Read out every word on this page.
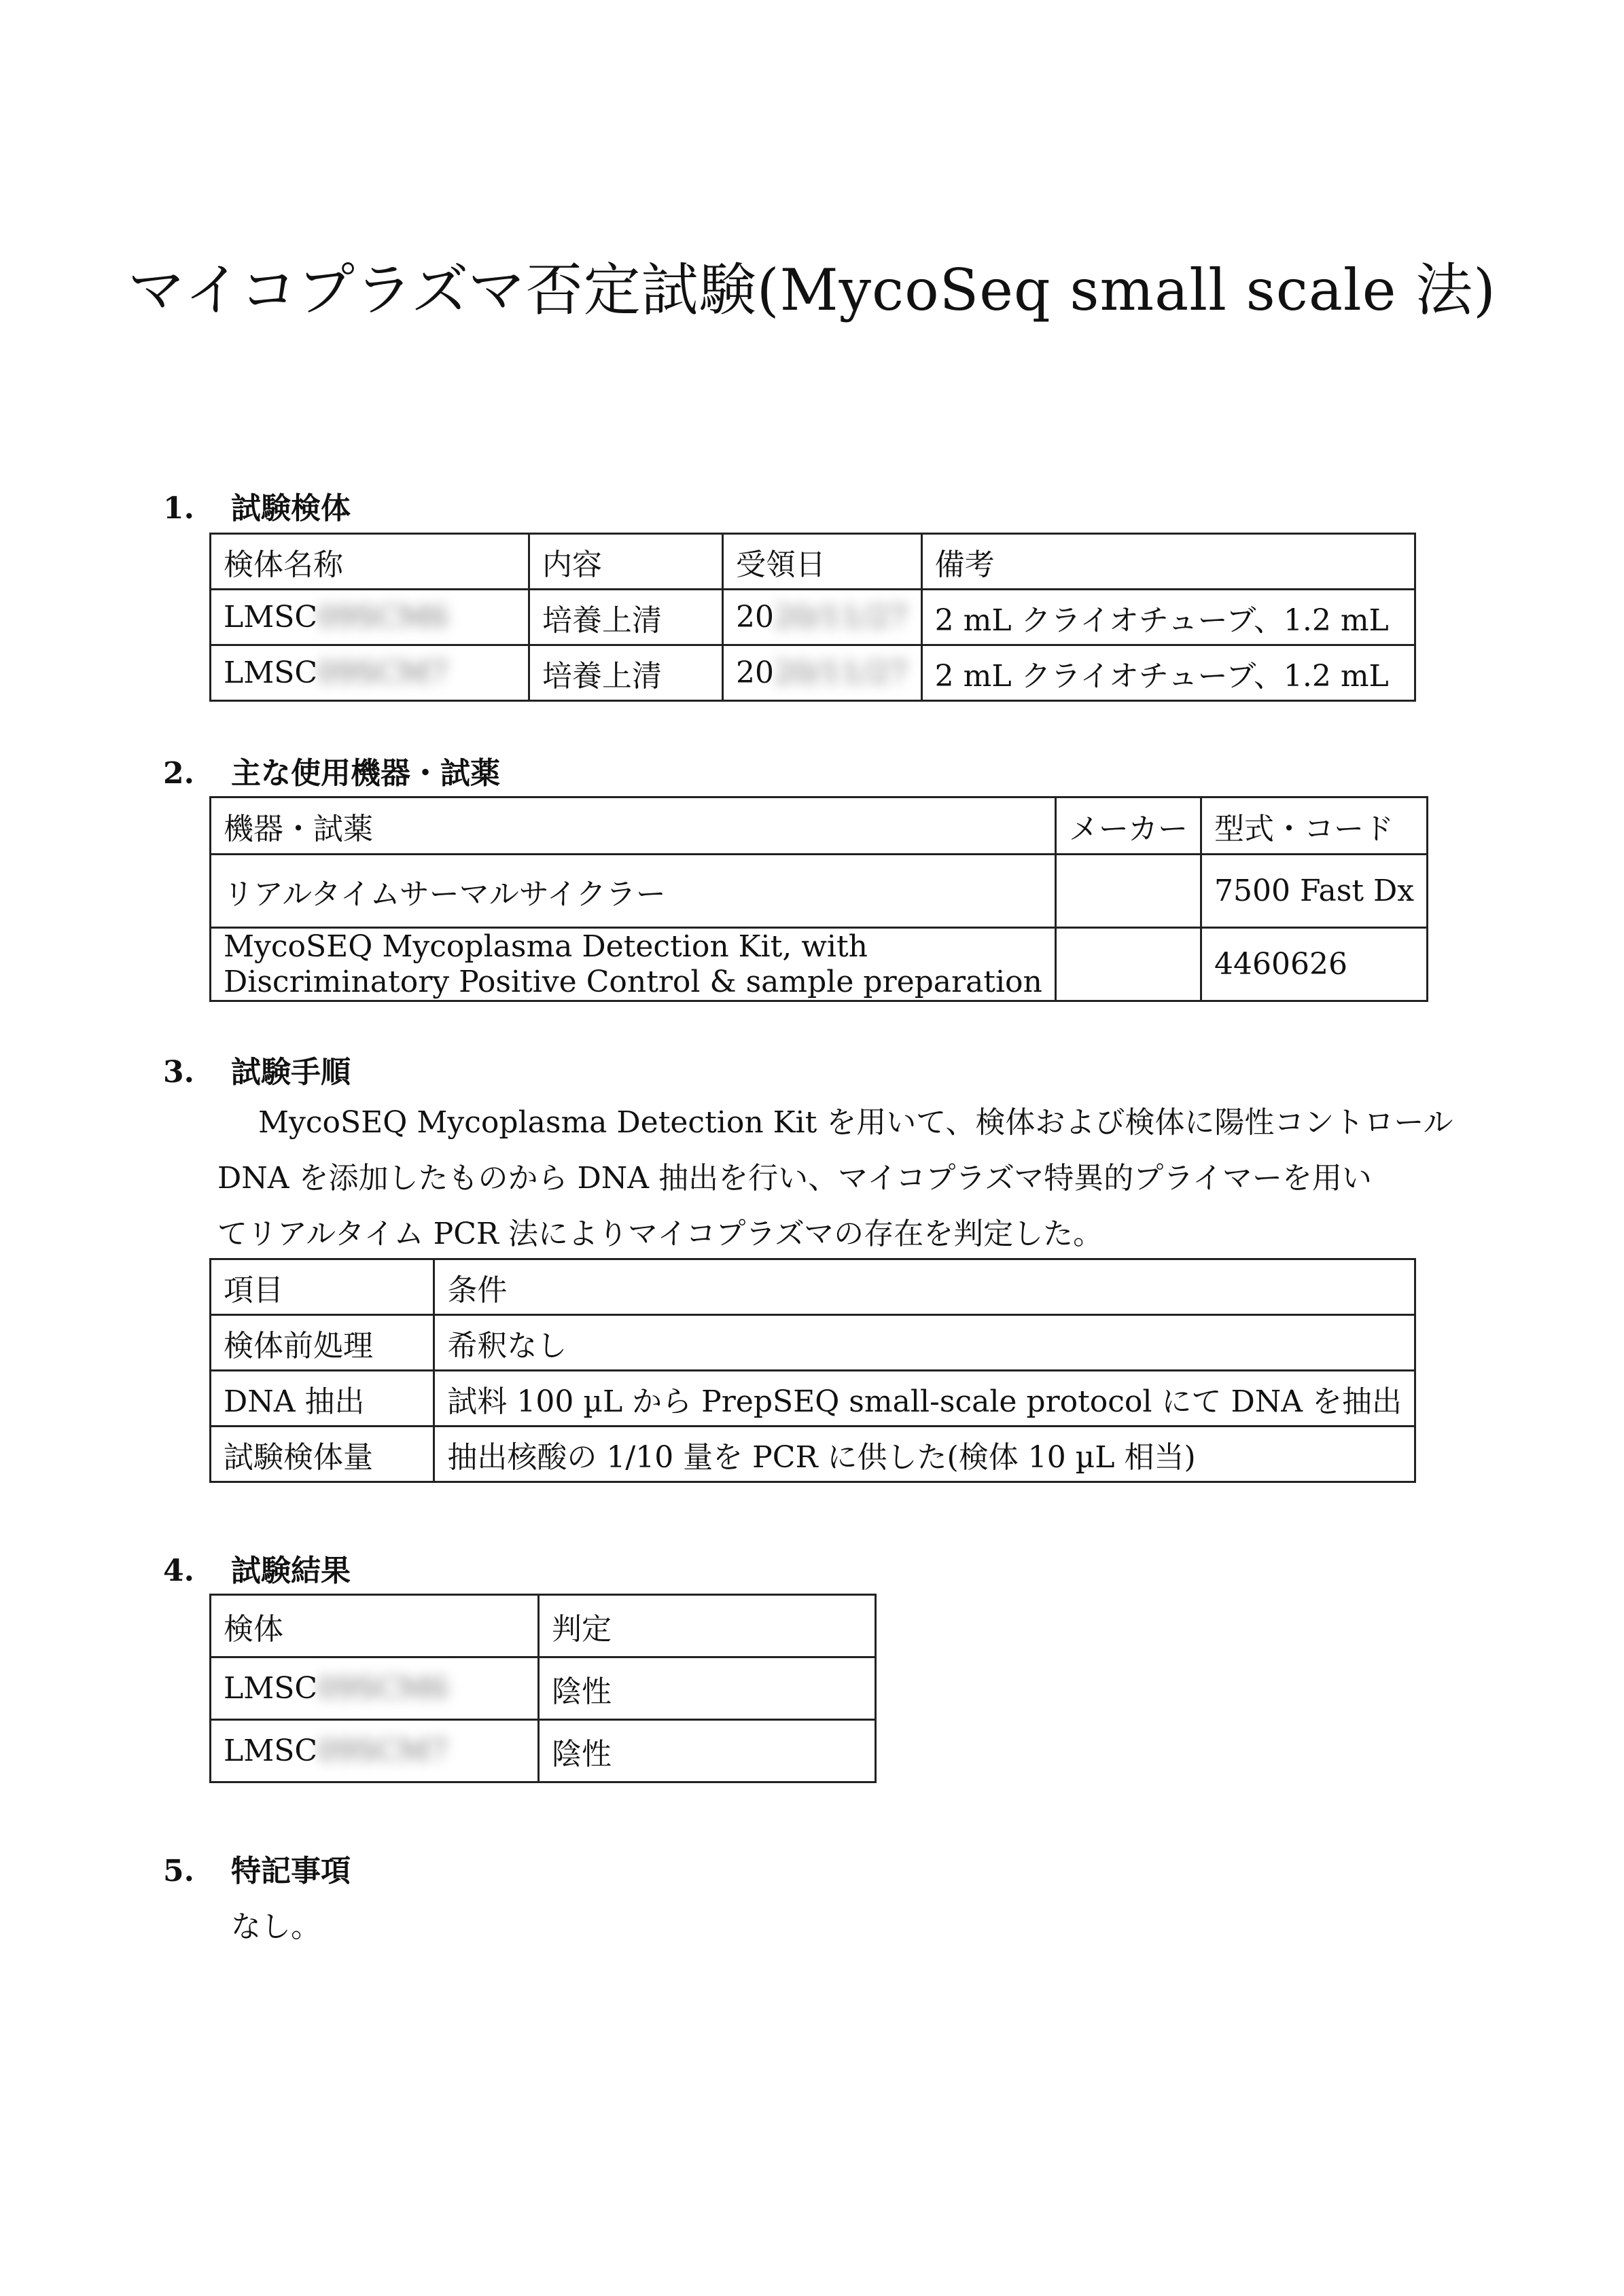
マイコプラズマ否定試験(MycoSeq small scale 法)
1. 試験検体
検体名称	内容	受領日	備考
LMSC09SCM6	培養上清	2020/11/27	2 mL クライオチューブ、1.2 mL
LMSC09SCM7	培養上清	2020/11/27	2 mL クライオチューブ、1.2 mL
2. 主な使用機器・試薬
機器・試薬	メーカー	型式・コード
リアルタイムサーマルサイクラー		7500 Fast Dx

MycoSEQ Mycoplasma Detection Kit, with
Discriminatory Positive Control & sample preparation		4460626
3. 試験手順
MycoSEQ Mycoplasma Detection Kit を用いて、検体および検体に陽性コントロール
DNA を添加したものから DNA 抽出を行い、マイコプラズマ特異的プライマーを用い
てリアルタイム PCR 法によりマイコプラズマの存在を判定した。
項目	条件
検体前処理	希釈なし
DNA 抽出	試料 100 µL から PrepSEQ small-scale protocol にて DNA を抽出
試験検体量	抽出核酸の 1/10 量を PCR に供した(検体 10 µL 相当)
4. 試験結果
検体	判定
LMSC09SCM6	陰性
LMSC09SCM7	陰性
5. 特記事項
なし。
